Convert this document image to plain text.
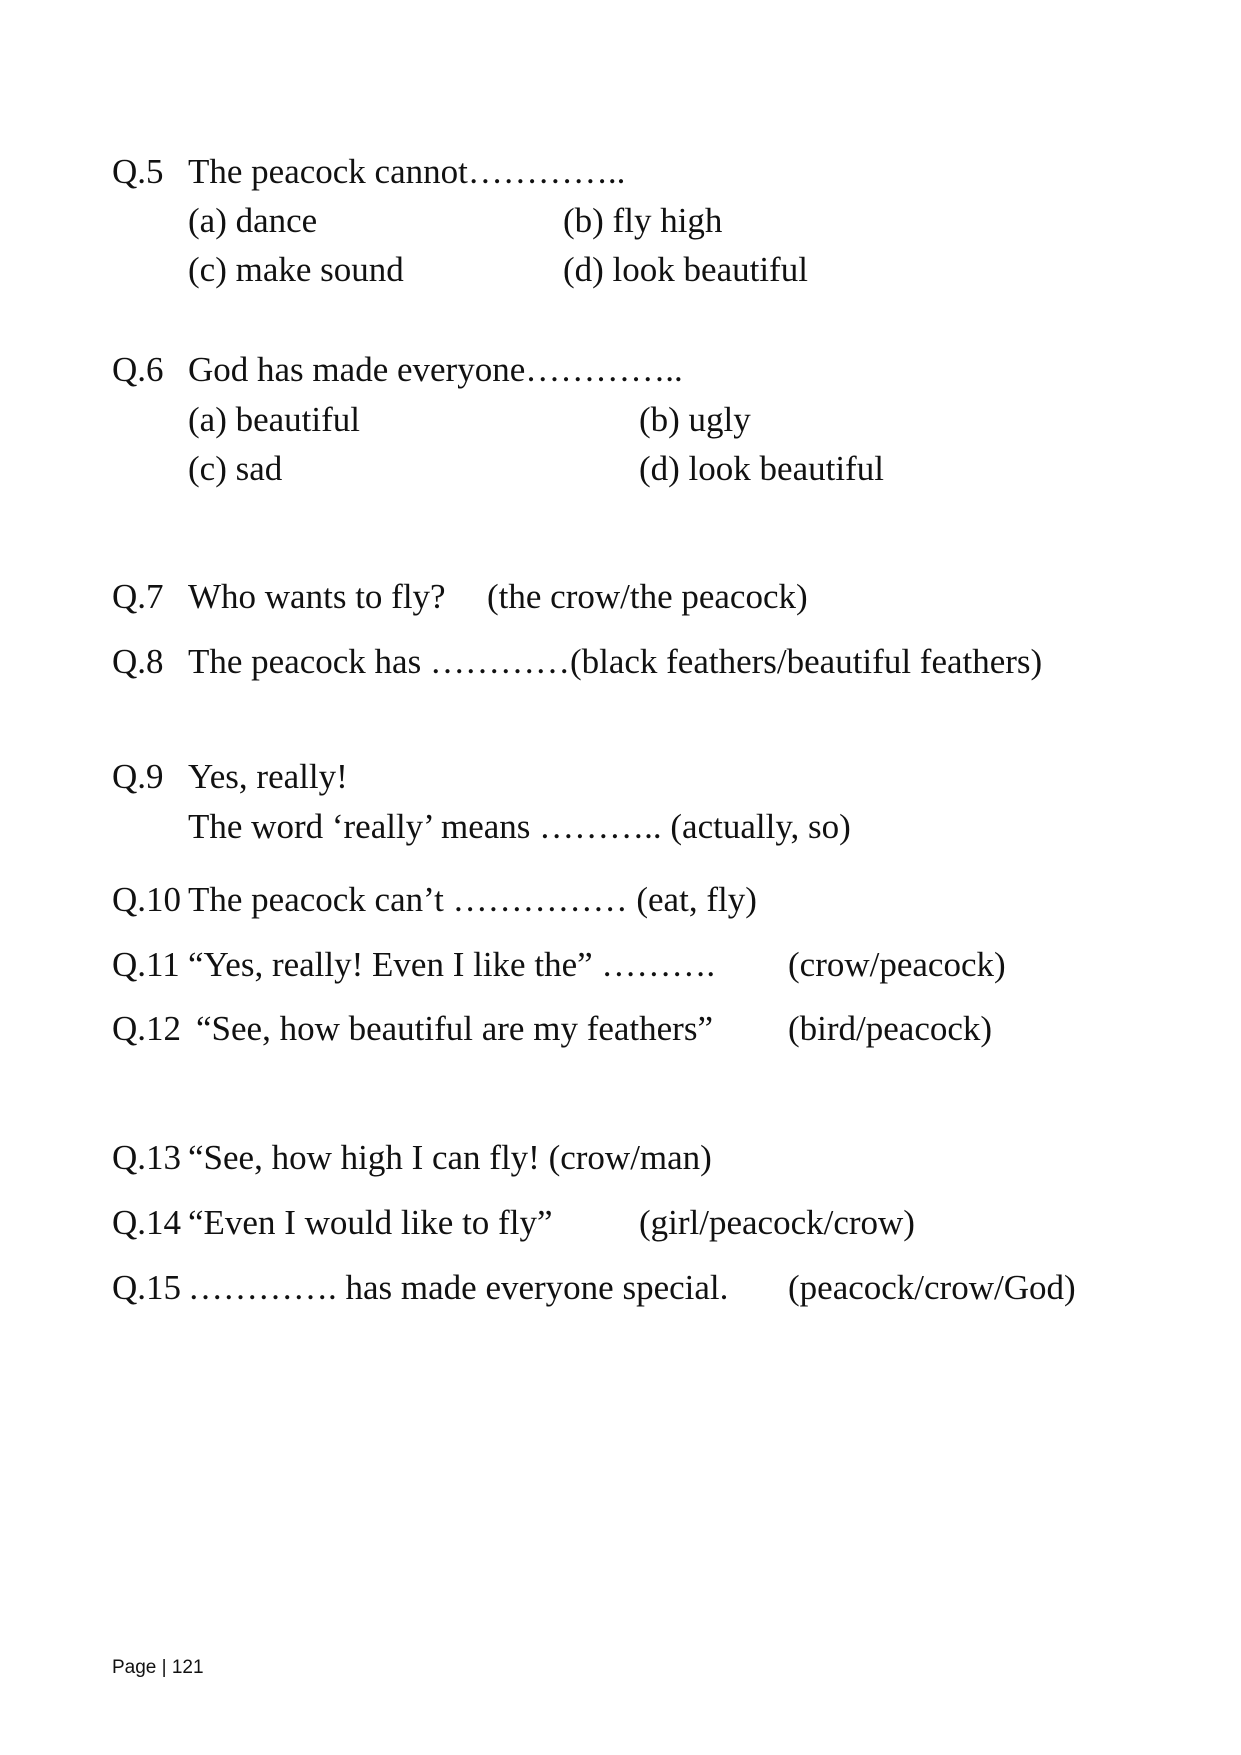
Q.5 The peacock cannot…………..
(a) dance	(b) fly high
(c) make sound	(d) look beautiful
Q.6 God has made everyone…………..
(a) beautiful	(b) ugly
(c) sad	(d) look beautiful
Q.7 Who wants to fly? (the crow/the peacock)
Q.8 The peacock has …………(black feathers/beautiful feathers)
Q.9 Yes, really!
The word ‘really’ means ……….. (actually, so)
Q.10 The peacock can’t …………… (eat, fly)
Q.11 “Yes, really! Even I like the” ………. (crow/peacock)
Q.12 “See, how beautiful are my feathers” (bird/peacock)
Q.13 “See, how high I can fly! (crow/man)
Q.14 “Even I would like to fly” (girl/peacock/crow)
Q.15 …………. has made everyone special. (peacock/crow/God)
Page | 121
